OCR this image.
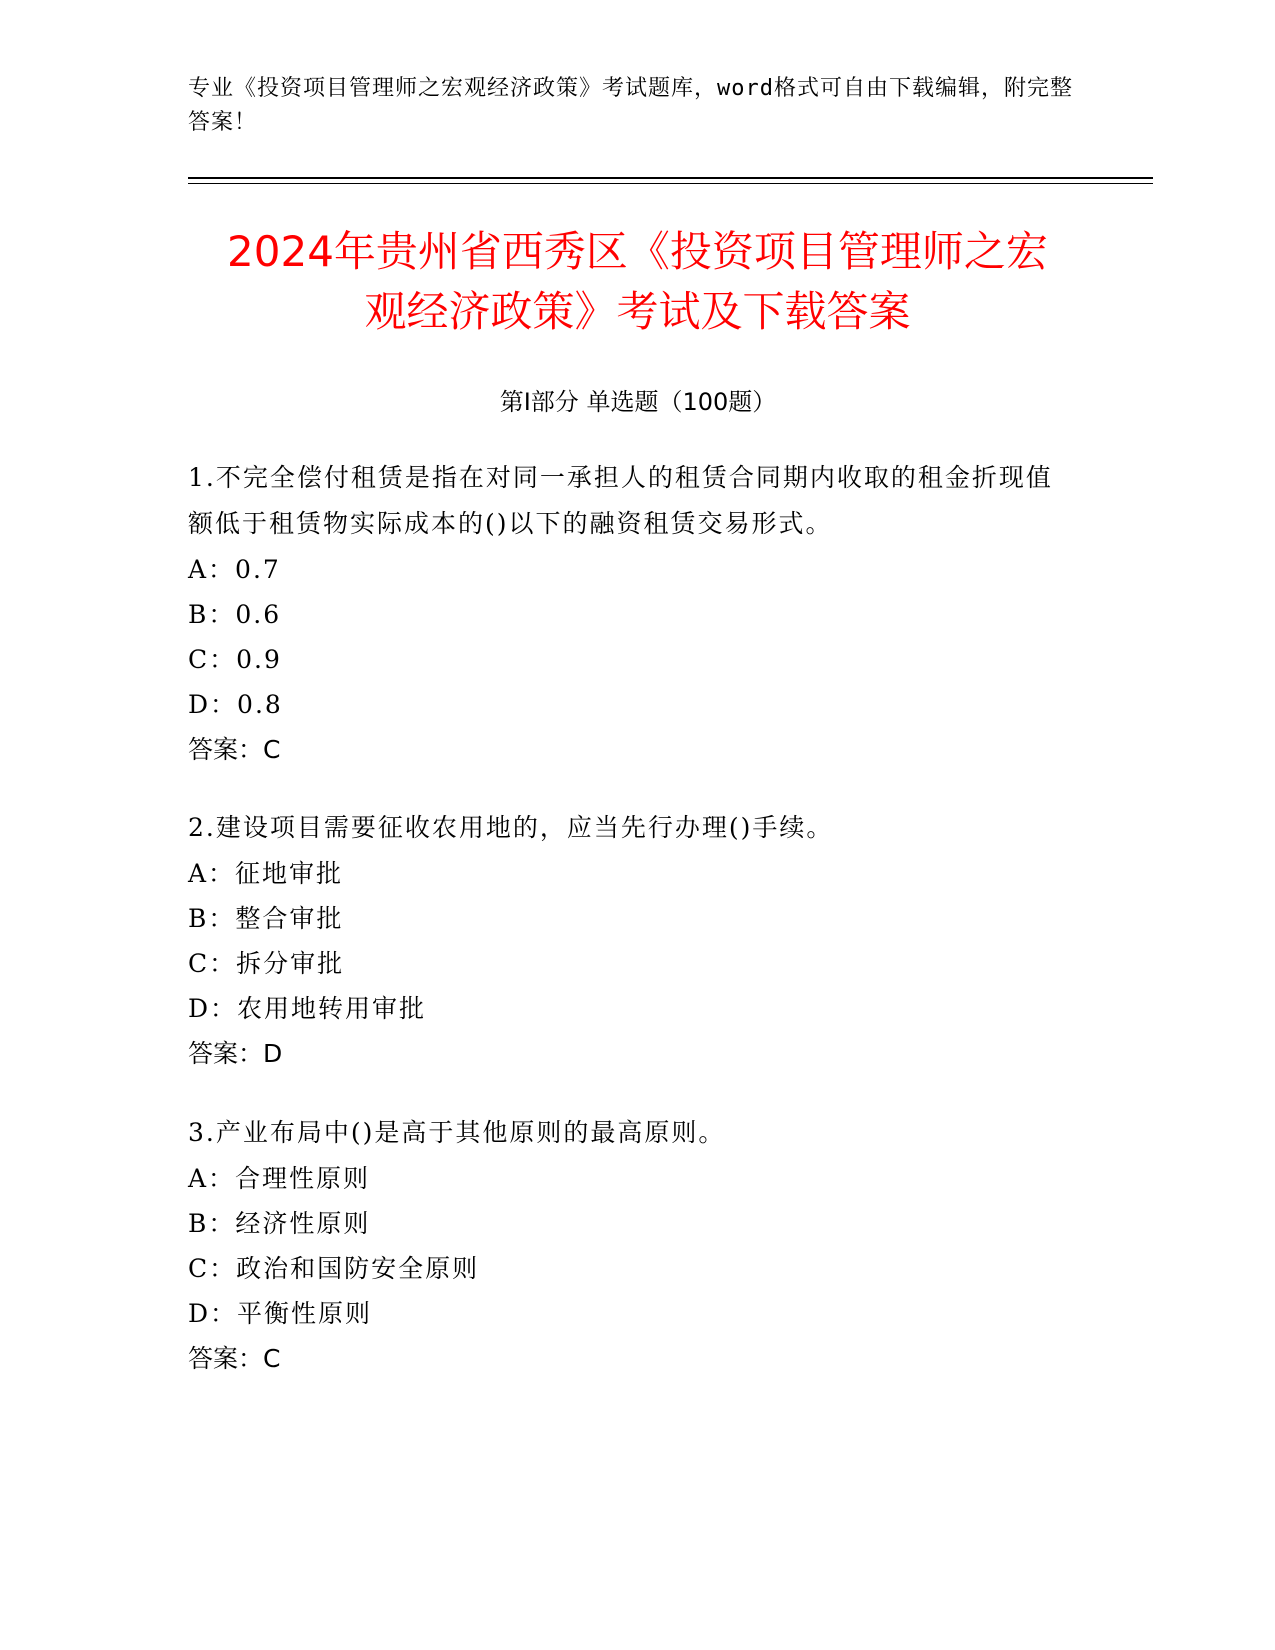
专业《投资项目管理师之宏观经济政策》考试题库，word格式可自由下载编辑，附完整答案！
2024年贵州省西秀区《投资项目管理师之宏
观经济政策》考试及下载答案
第Ⅰ部分 单选题（100题）
1.不完全偿付租赁是指在对同一承担人的租赁合同期内收取的租金折现值额低于租赁物实际成本的()以下的融资租赁交易形式。
A：0.7
B：0.6
C：0.9
D：0.8
答案：C
2.建设项目需要征收农用地的，应当先行办理()手续。
A：征地审批
B：整合审批
C：拆分审批
D：农用地转用审批
答案：D
3.产业布局中()是高于其他原则的最高原则。
A：合理性原则
B：经济性原则
C：政治和国防安全原则
D：平衡性原则
答案：C
